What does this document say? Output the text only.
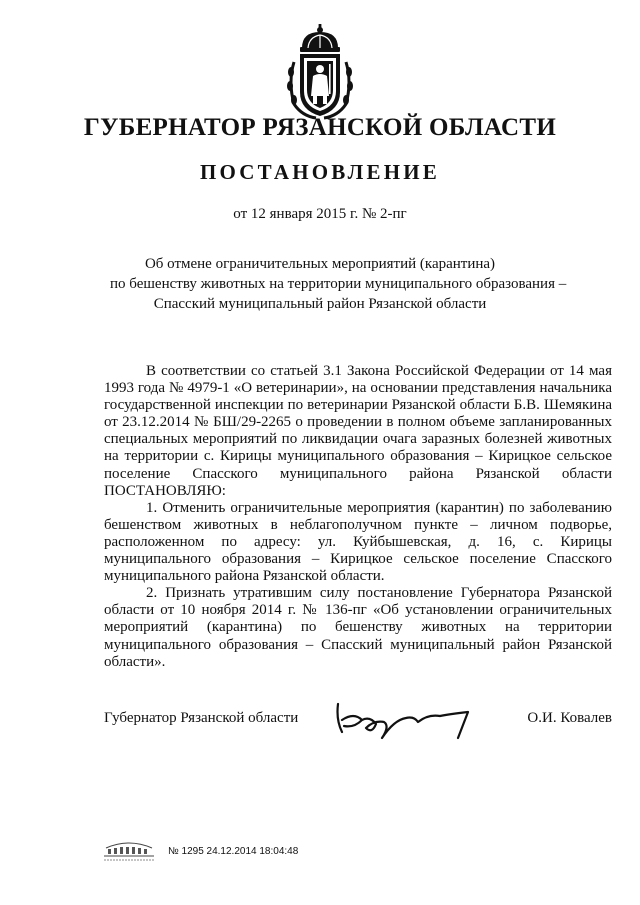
ГУБЕРНАТОР РЯЗАНСКОЙ ОБЛАСТИ
ПОСТАНОВЛЕНИЕ
от 12 января 2015 г. № 2-пг
Об отмене ограничительных мероприятий (карантина)
по бешенству животных на территории муниципального образования –
Спасский муниципальный район Рязанской области

В соответствии со статьей 3.1 Закона Российской Федерации от 14 мая 1993 года № 4979-1 «О ветеринарии», на основании представления начальника государственной инспекции по ветеринарии Рязанской области Б.В. Шемякина от 23.12.2014 № БШ/29-2265 о проведении в полном объеме запланированных специальных мероприятий по ликвидации очага заразных болезней животных на территории с. Кирицы муниципального образования – Кирицкое сельское поселение Спасского муниципального района Рязанской области ПОСТАНОВЛЯЮ:

1. Отменить ограничительные мероприятия (карантин) по заболеванию бешенством животных в неблагополучном пункте – личном подворье, расположенном по адресу: ул. Куйбышевская, д. 16, с. Кирицы муниципального образования – Кирицкое сельское поселение Спасского муниципального района Рязанской области.

2. Признать утратившим силу постановление Губернатора Рязанской области от 10 ноября 2014 г. № 136-пг «Об установлении ограничительных мероприятий (карантина) по бешенству животных на территории муниципального образования – Спасский муниципальный район Рязанской области».

Губернатор Рязанской области	О.И. Ковалев
№ 1295 24.12.2014 18:04:48
